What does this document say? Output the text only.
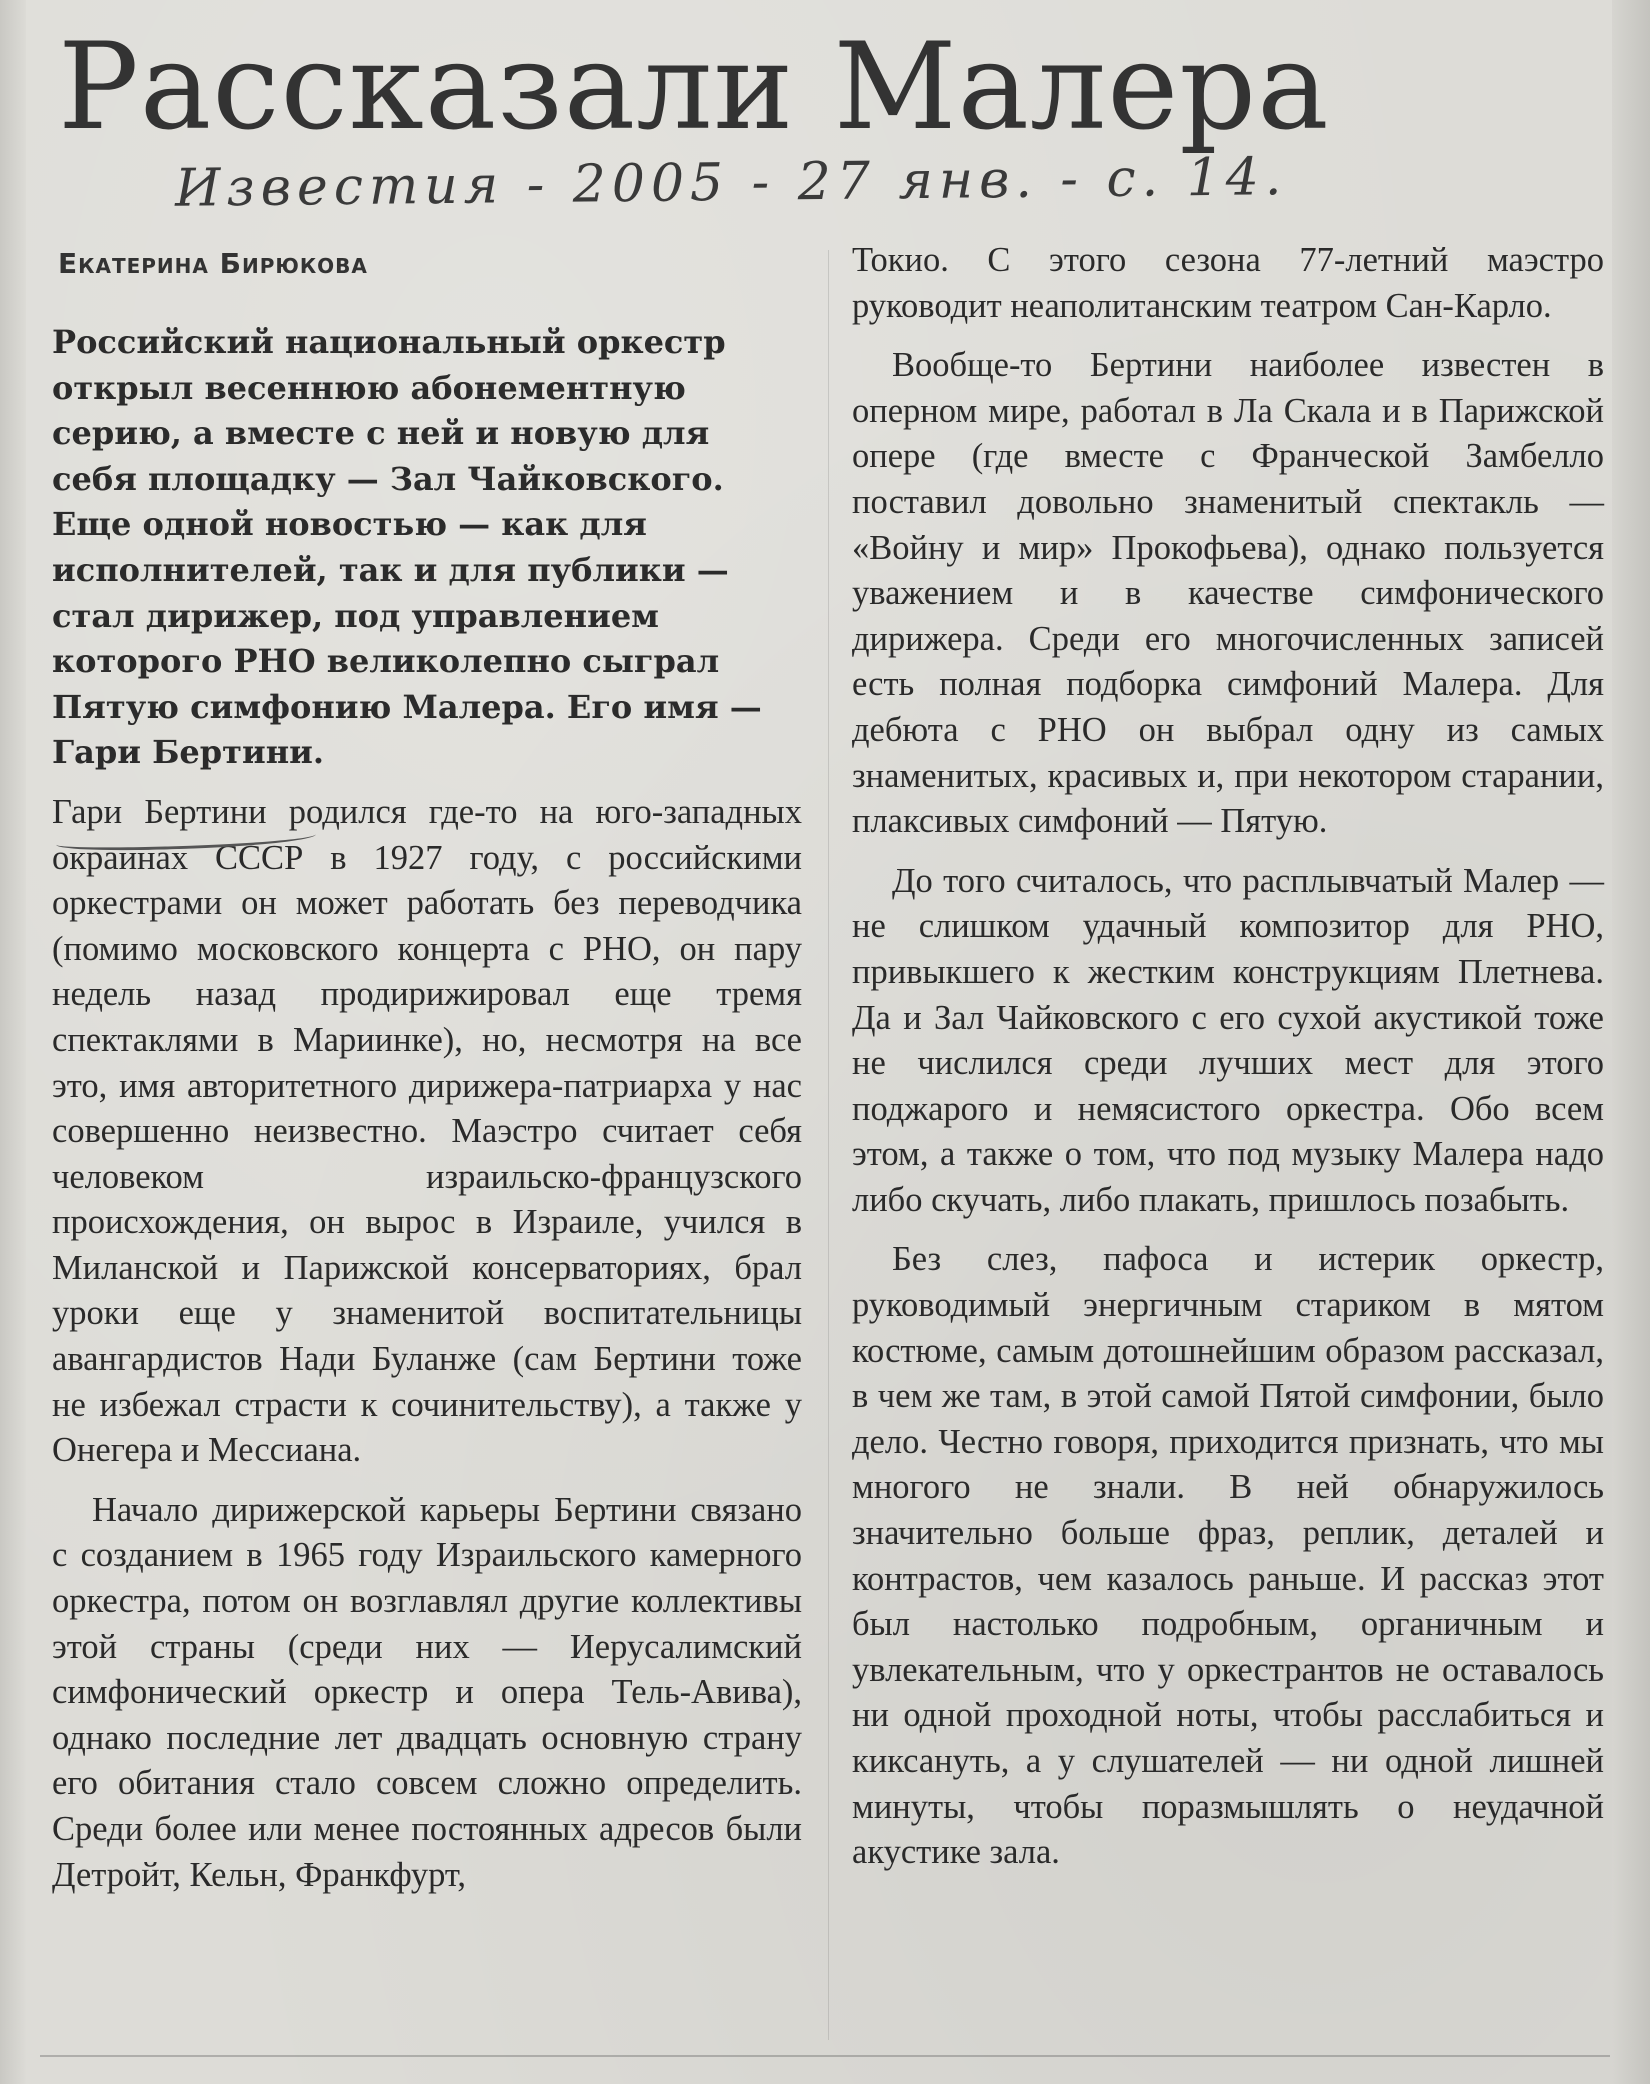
Рассказали Малера
Известия - 2005 - 27 янв. - с. 14.
Екатерина Бирюкова

Российский национальный оркестр открыл весеннюю абонементную серию, а вместе с ней и новую для себя площадку — Зал Чайковского. Еще одной новостью — как для исполнителей, так и для публики — стал дирижер, под управлением которого РНО великолепно сыграл Пятую симфонию Малера. Его имя — Гари Бертини.

Гари Бертини родился где-то на юго-западных окраинах СССР в 1927 году, с российскими оркестрами он может работать без переводчика (помимо московского концерта с РНО, он пару недель назад продирижировал еще тремя спектаклями в Мариинке), но, несмотря на все это, имя авторитетного дирижера-патриарха у нас совершенно неизвестно. Маэстро считает себя человеком израильско-французского происхождения, он вырос в Израиле, учился в Миланской и Парижской консерваториях, брал уроки еще у знаменитой воспитательницы авангардистов Нади Буланже (сам Бертини тоже не избежал страсти к сочинительству), а также у Онегера и Мессиана.

Начало дирижерской карьеры Бертини связано с созданием в 1965 году Израильского камерного оркестра, потом он возглавлял другие коллективы этой страны (среди них — Иерусалимский симфонический оркестр и опера Тель-Авива), однако последние лет двадцать основную страну его обитания стало совсем сложно определить. Среди более или менее постоянных адресов были Детройт, Кельн, Франкфурт,

Токио. С этого сезона 77-летний маэстро руководит неаполитанским театром Сан-Карло.

Вообще-то Бертини наиболее известен в оперном мире, работал в Ла Скала и в Парижской опере (где вместе с Франческой Замбелло поставил довольно знаменитый спектакль — «Войну и мир» Прокофьева), однако пользуется уважением и в качестве симфонического дирижера. Среди его многочисленных записей есть полная подборка симфоний Малера. Для дебюта с РНО он выбрал одну из самых знаменитых, красивых и, при некотором старании, плаксивых симфоний — Пятую.

До того считалось, что расплывчатый Малер — не слишком удачный композитор для РНО, привыкшего к жестким конструкциям Плетнева. Да и Зал Чайковского с его сухой акустикой тоже не числился среди лучших мест для этого поджарого и немясистого оркестра. Обо всем этом, а также о том, что под музыку Малера надо либо скучать, либо плакать, пришлось позабыть.

Без слез, пафоса и истерик оркестр, руководимый энергичным стариком в мятом костюме, самым дотошнейшим образом рассказал, в чем же там, в этой самой Пятой симфонии, было дело. Честно говоря, приходится признать, что мы многого не знали. В ней обнаружилось значительно больше фраз, реплик, деталей и контрастов, чем казалось раньше. И рассказ этот был настолько подробным, органичным и увлекательным, что у оркестрантов не оставалось ни одной проходной ноты, чтобы расслабиться и киксануть, а у слушателей — ни одной лишней минуты, чтобы поразмышлять о неудачной акустике зала.
